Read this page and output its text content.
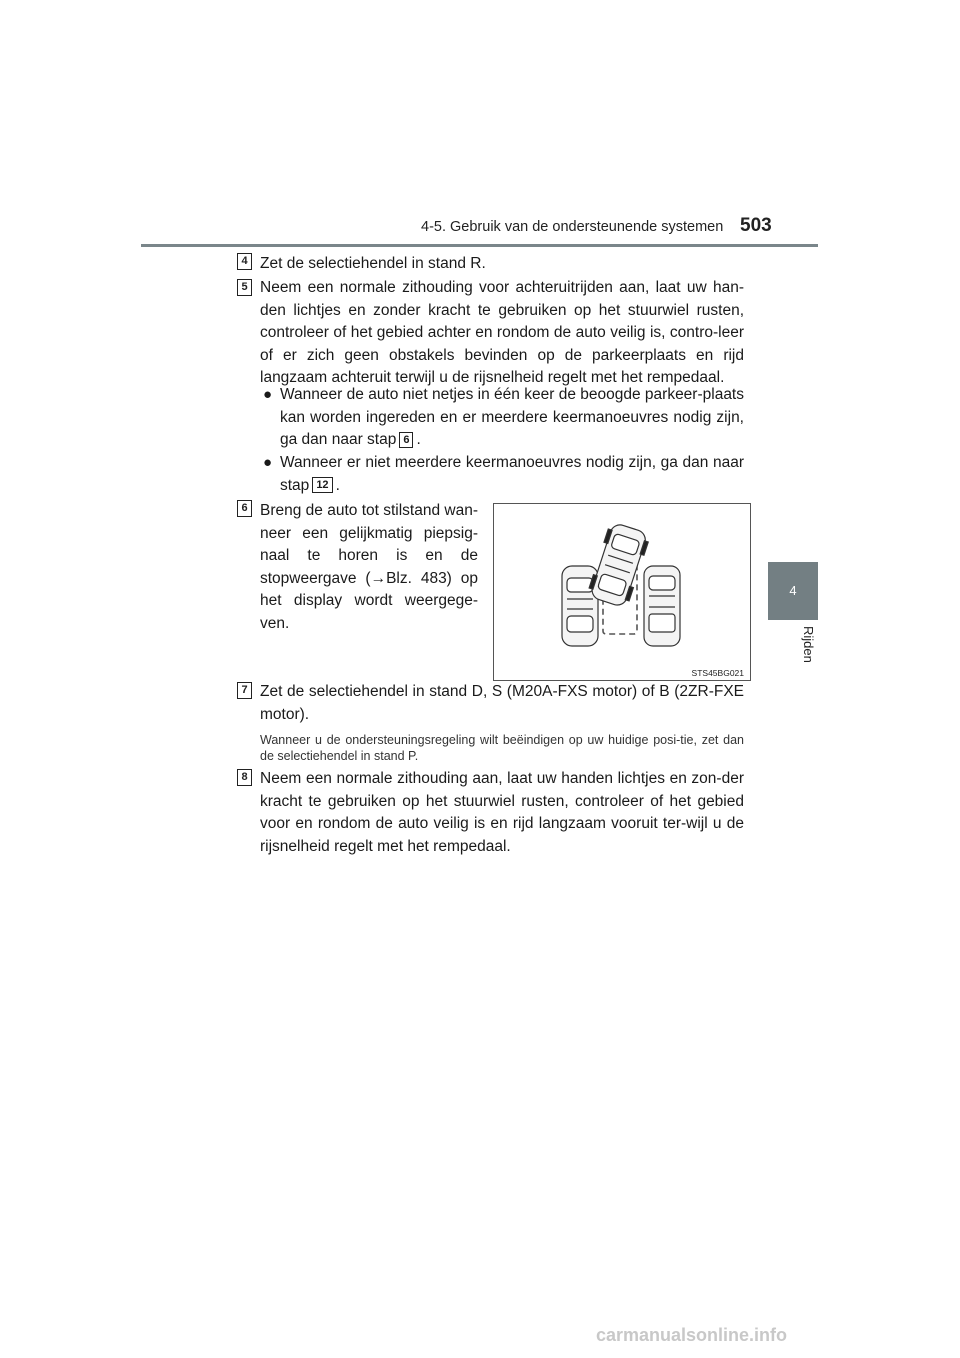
4-5. Gebruik van de ondersteunende systemen 503
4
Rijden
4 Zet de selectiehendel in stand R.

5 Neem een normale zithouding voor achteruitrijden aan, laat uw han-den lichtjes en zonder kracht te gebruiken op het stuurwiel rusten, controleer of het gebied achter en rondom de auto veilig is, contro-leer of er zich geen obstakels bevinden op de parkeerplaats en rijd langzaam achteruit terwijl u de rijsnelheid regelt met het rempedaal.

● Wanneer de auto niet netjes in één keer de beoogde parkeer-plaats kan worden ingereden en er meerdere keermanoeuvres nodig zijn, ga dan naar stap 6 .

● Wanneer er niet meerdere keermanoeuvres nodig zijn, ga dan naar stap 12 .

6 Breng de auto tot stilstand wan-neer een gelijkmatig piepsig-naal te horen is en de stopweergave (→Blz. 483) op het display wordt weergege-ven.

STS45BG021
7 Zet de selectiehendel in stand D, S (M20A-FXS motor) of B (2ZR-FXE motor).

Wanneer u de ondersteuningsregeling wilt beëindigen op uw huidige posi-tie, zet dan de selectiehendel in stand P.

8 Neem een normale zithouding aan, laat uw handen lichtjes en zon-der kracht te gebruiken op het stuurwiel rusten, controleer of het gebied voor en rondom de auto veilig is en rijd langzaam vooruit ter-wijl u de rijsnelheid regelt met het rempedaal.

carmanualsonline.info
